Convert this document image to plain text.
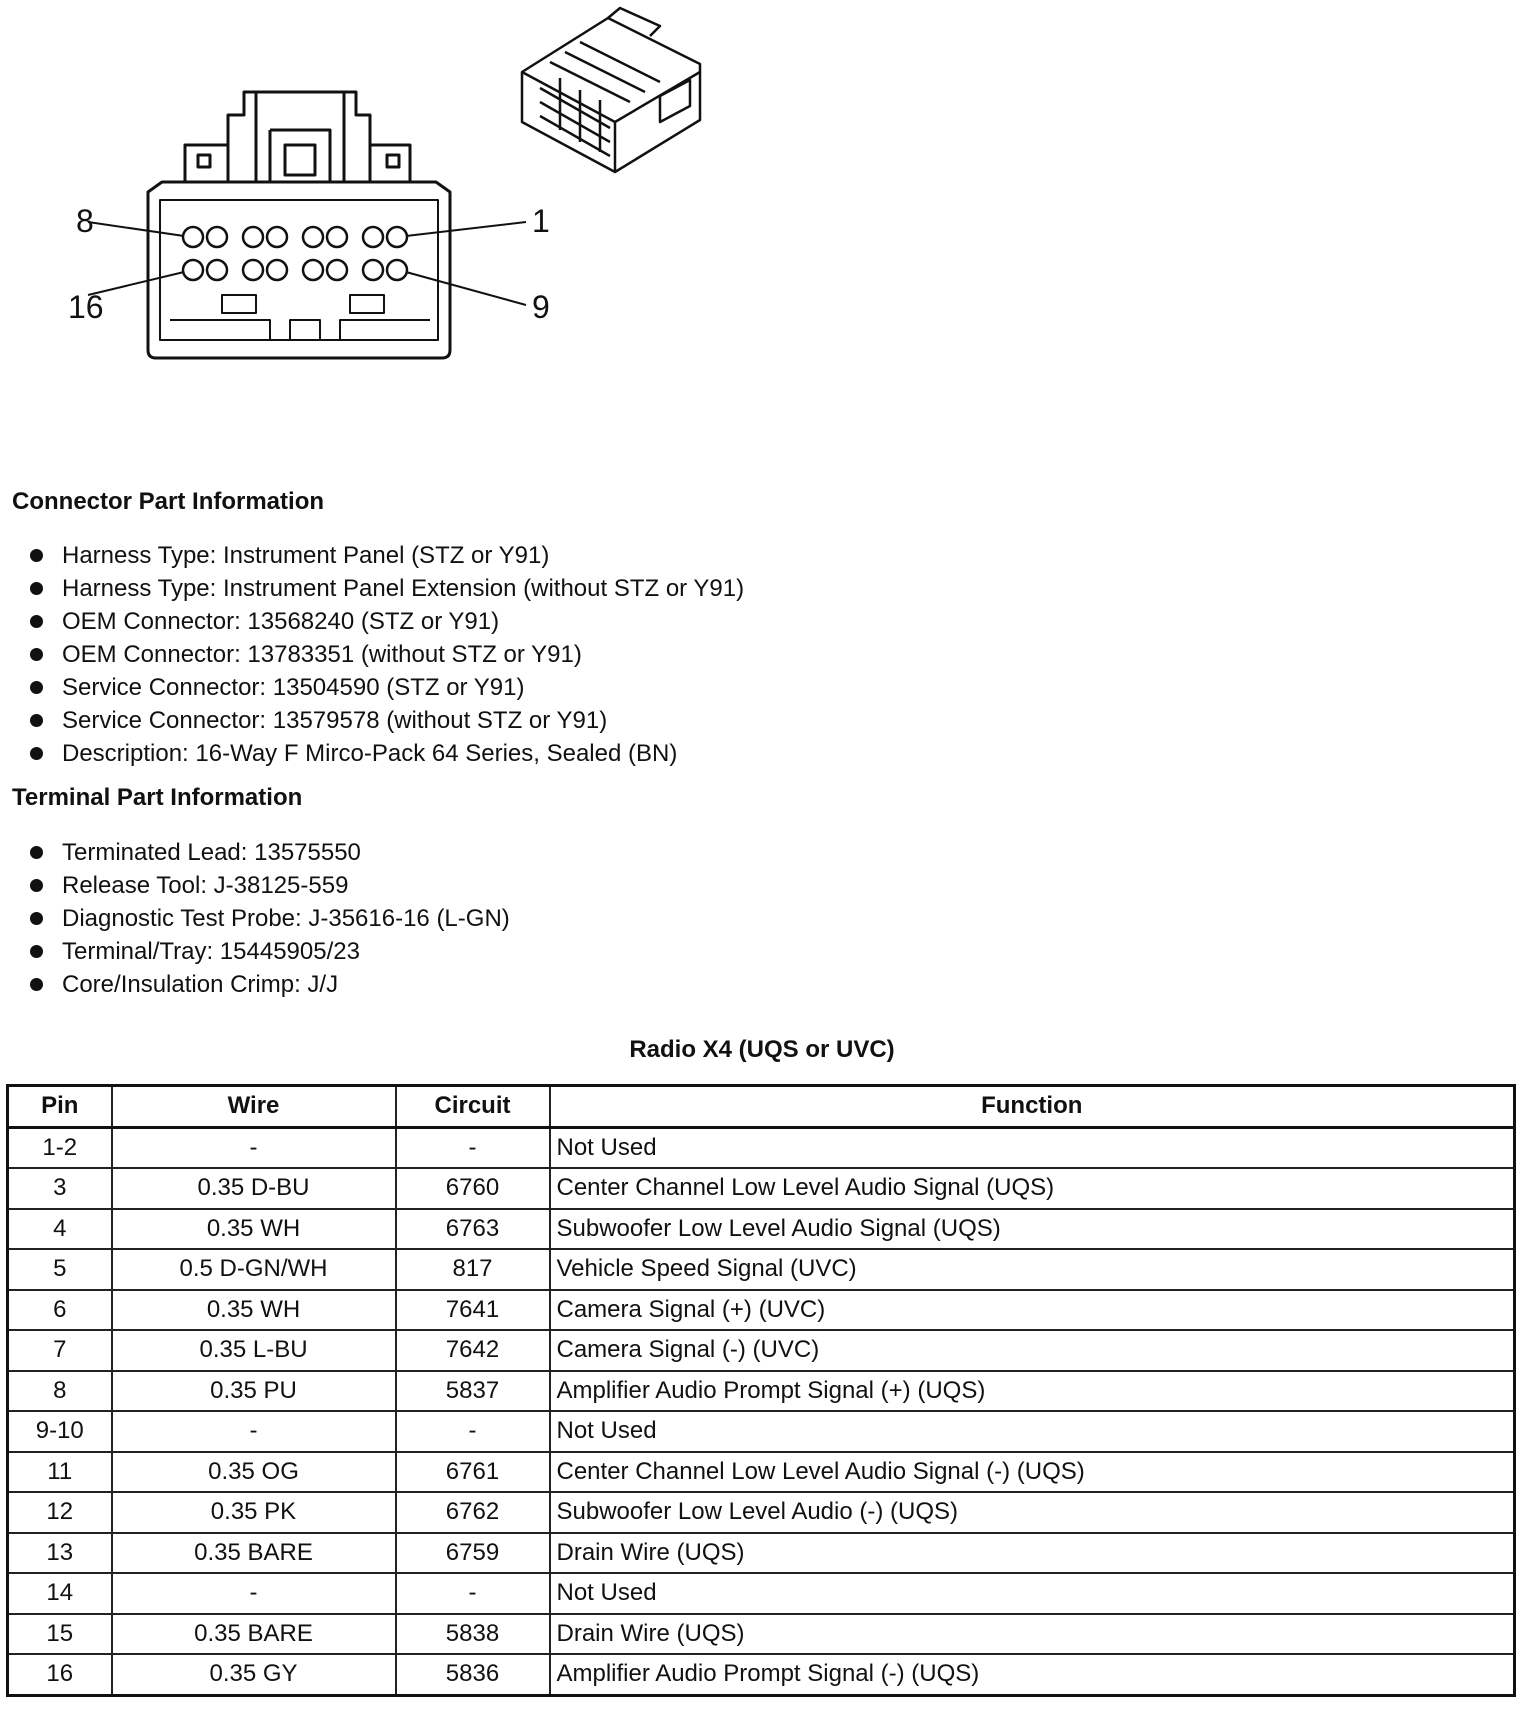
8	1
16	9
Connector Part Information
Harness Type: Instrument Panel (STZ or Y91)
Harness Type: Instrument Panel Extension (without STZ or Y91)
OEM Connector: 13568240 (STZ or Y91)
OEM Connector: 13783351 (without STZ or Y91)
Service Connector: 13504590 (STZ or Y91)
Service Connector: 13579578 (without STZ or Y91)
Description: 16-Way F Mirco-Pack 64 Series, Sealed (BN)
Terminal Part Information
Terminated Lead: 13575550
Release Tool: J-38125-559
Diagnostic Test Probe: J-35616-16 (L-GN)
Terminal/Tray: 15445905/23
Core/Insulation Crimp: J/J
Radio X4 (UQS or UVC)
Pin	Wire	Circuit	Function
1-2	-	-	Not Used
3	0.35 D-BU	6760	Center Channel Low Level Audio Signal (UQS)
4	0.35 WH	6763	Subwoofer Low Level Audio Signal (UQS)
5	0.5 D-GN/WH	817	Vehicle Speed Signal (UVC)
6	0.35 WH	7641	Camera Signal (+) (UVC)
7	0.35 L-BU	7642	Camera Signal (-) (UVC)
8	0.35 PU	5837	Amplifier Audio Prompt Signal (+) (UQS)
9-10	-	-	Not Used
11	0.35 OG	6761	Center Channel Low Level Audio Signal (-) (UQS)
12	0.35 PK	6762	Subwoofer Low Level Audio (-) (UQS)
13	0.35 BARE	6759	Drain Wire (UQS)
14	-	-	Not Used
15	0.35 BARE	5838	Drain Wire (UQS)
16	0.35 GY	5836	Amplifier Audio Prompt Signal (-) (UQS)
